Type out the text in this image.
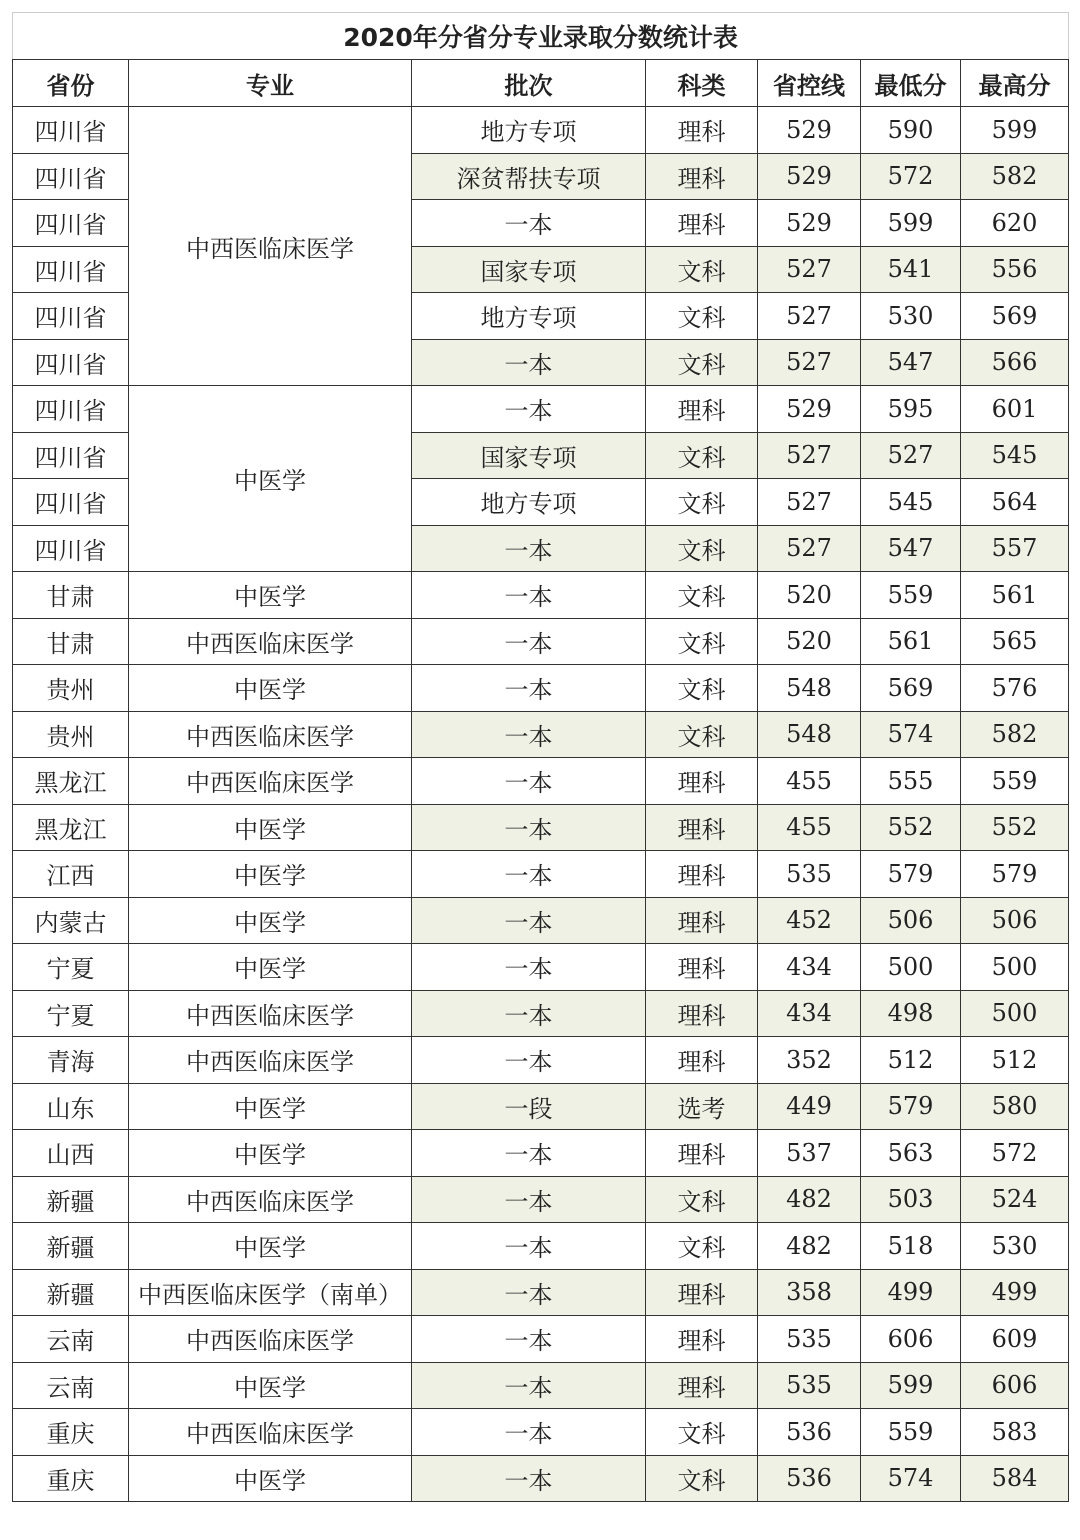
2020年分省分专业录取分数统计表						
省份	专业	批次	科类	省控线	最低分	最高分
四川省	中西医临床医学	地方专项	理科	529	590	599
四川省		深贫帮扶专项	理科	529	572	582
四川省		一本	理科	529	599	620
四川省		国家专项	文科	527	541	556
四川省		地方专项	文科	527	530	569
四川省		一本	文科	527	547	566
四川省	中医学	一本	理科	529	595	601
四川省		国家专项	文科	527	527	545
四川省		地方专项	文科	527	545	564
四川省		一本	文科	527	547	557
甘肃	中医学	一本	文科	520	559	561
甘肃	中西医临床医学	一本	文科	520	561	565
贵州	中医学	一本	文科	548	569	576
贵州	中西医临床医学	一本	文科	548	574	582
黑龙江	中西医临床医学	一本	理科	455	555	559
黑龙江	中医学	一本	理科	455	552	552
江西	中医学	一本	理科	535	579	579
内蒙古	中医学	一本	理科	452	506	506
宁夏	中医学	一本	理科	434	500	500
宁夏	中西医临床医学	一本	理科	434	498	500
青海	中西医临床医学	一本	理科	352	512	512
山东	中医学	一段	选考	449	579	580
山西	中医学	一本	理科	537	563	572
新疆	中西医临床医学	一本	文科	482	503	524
新疆	中医学	一本	文科	482	518	530
新疆	中西医临床医学（南单）	一本	理科	358	499	499
云南	中西医临床医学	一本	理科	535	606	609
云南	中医学	一本	理科	535	599	606
重庆	中西医临床医学	一本	文科	536	559	583
重庆	中医学	一本	文科	536	574	584
